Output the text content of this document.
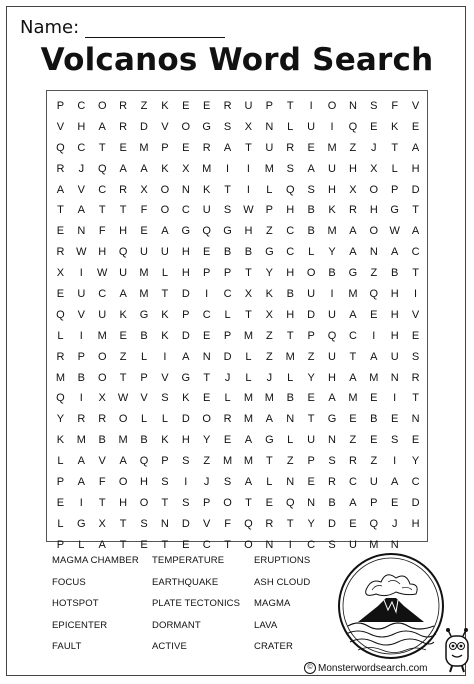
Name:
Volcanos Word Search
P	C	O	R	Z	K	E	E	R	U	P	T	I	O	N	S	F	V
V	H	A	R	D	V	O	G	S	X	N	L	U	I	Q	E	K	E
Q	C	T	E	M	P	E	R	A	T	U	R	E	M	Z	J	T	A
R	J	Q	A	A	K	X	M	I	I	M	S	A	U	H	X	L	H
A	V	C	R	X	O	N	K	T	I	L	Q	S	H	X	O	P	D
T	A	T	T	F	O	C	U	S	W	P	H	B	K	R	H	G	T
E	N	F	H	E	A	G	Q	G	H	Z	C	B	M	A	O	W	A
R	W	H	Q	U	U	H	E	B	B	G	C	L	Y	A	N	A	C
X	I	W	U	M	L	H	P	P	T	Y	H	O	B	G	Z	B	T
E	U	C	A	M	T	D	I	C	X	K	B	U	I	M	Q	H	I
Q	V	U	K	G	K	P	C	L	T	X	H	D	U	A	E	H	V
L	I	M	E	B	K	D	E	P	M	Z	T	P	Q	C	I	H	E
R	P	O	Z	L	I	A	N	D	L	Z	M	Z	U	T	A	U	S
M	B	O	T	P	V	G	T	J	L	J	L	Y	H	A	M	N	R
Q	I	X	W	V	S	K	E	L	M	M	B	E	A	M	E	I	T
Y	R	R	O	L	L	D	O	R	M	A	N	T	G	E	B	E	N
K	M	B	M	B	K	H	Y	E	A	G	L	U	N	Z	E	S	E
L	A	V	A	Q	P	S	Z	M	M	T	Z	P	S	R	Z	I	Y
P	A	F	O	H	S	I	J	S	A	L	N	E	R	C	U	A	C
E	I	T	H	O	T	S	P	O	T	E	Q	N	B	A	P	E	D
L	G	X	T	S	N	D	V	F	Q	R	T	Y	D	E	Q	J	H
P	L	A	T	E	T	E	C	T	O	N	I	C	S	U	M	N
MAGMA CHAMBER	TEMPERATURE	ERUPTIONS
FOCUS	EARTHQUAKE	ASH CLOUD
HOTSPOT	PLATE TECTONICS	MAGMA
EPICENTER	DORMANT	LAVA
FAULT	ACTIVE	CRATER
© Monsterwordsearch.com
